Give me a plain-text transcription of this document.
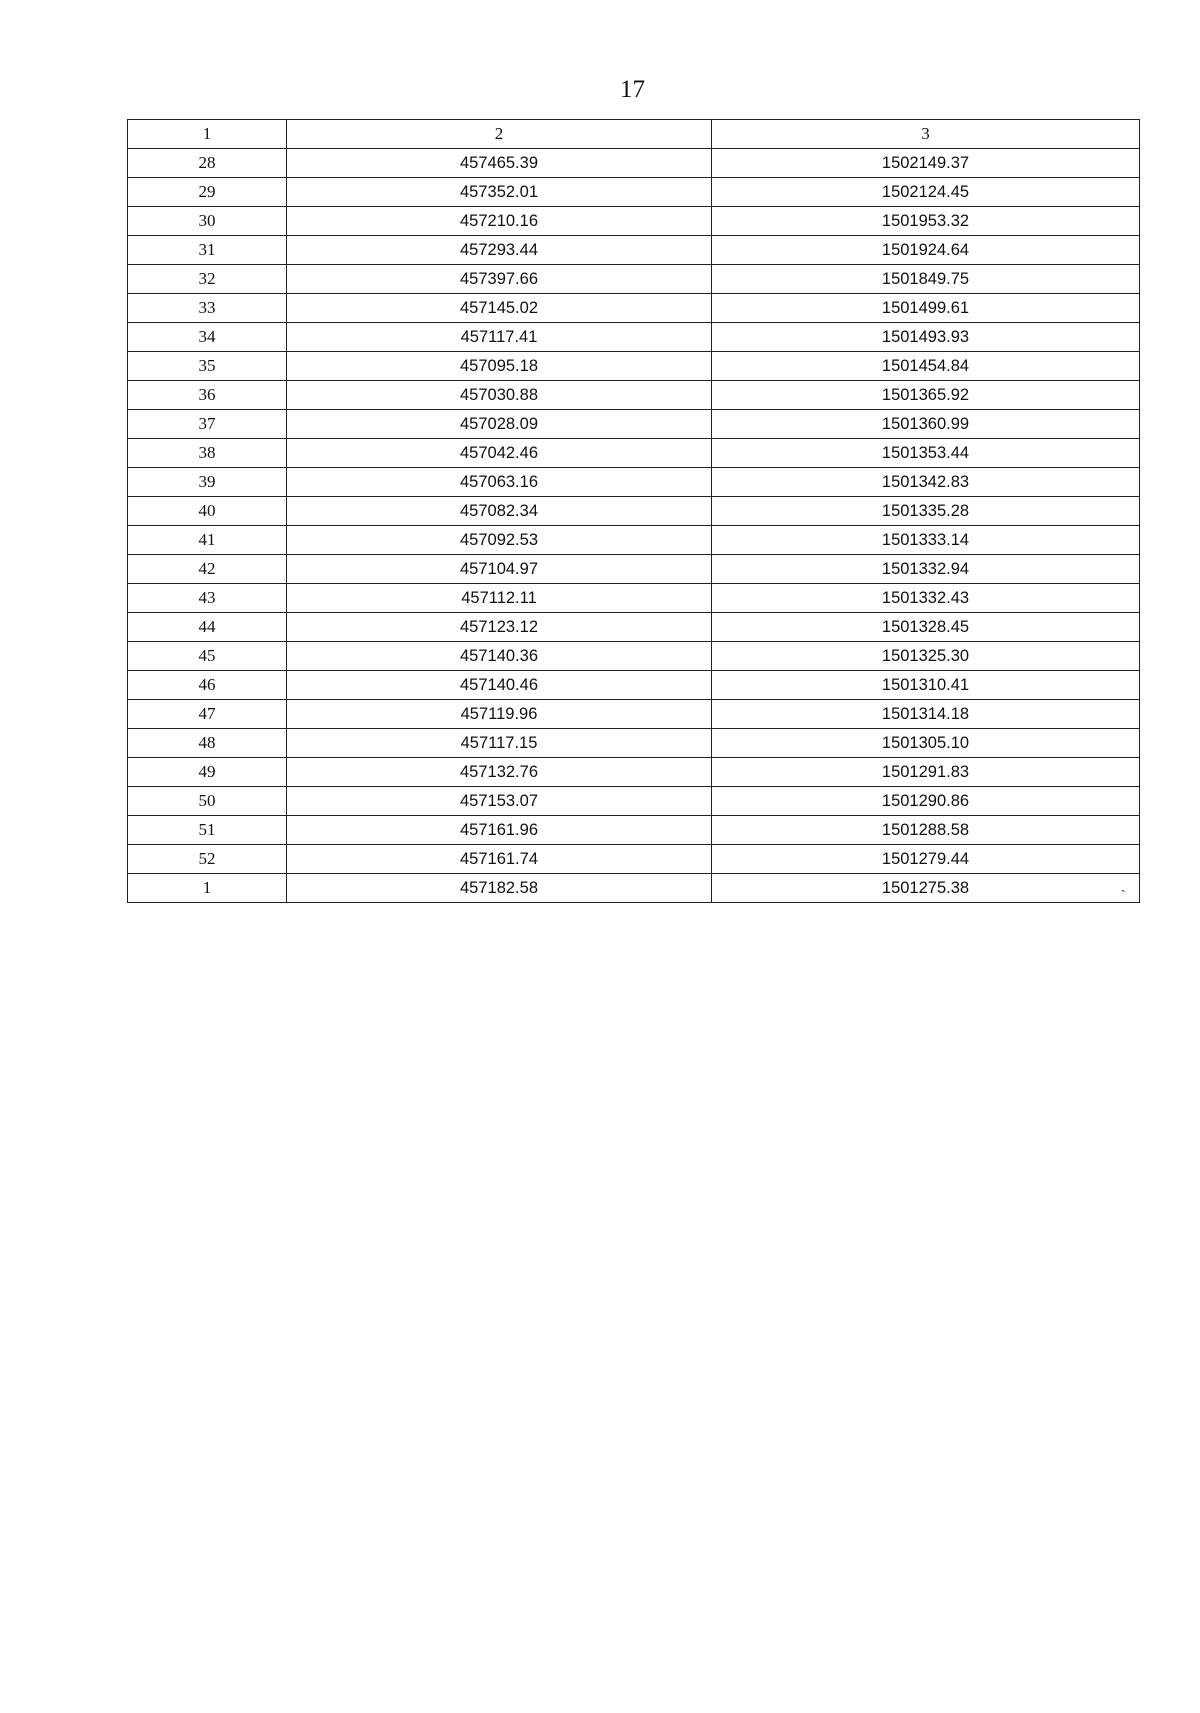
17
1	2	3
28	457465.39	1502149.37
29	457352.01	1502124.45
30	457210.16	1501953.32
31	457293.44	1501924.64
32	457397.66	1501849.75
33	457145.02	1501499.61
34	457117.41	1501493.93
35	457095.18	1501454.84
36	457030.88	1501365.92
37	457028.09	1501360.99
38	457042.46	1501353.44
39	457063.16	1501342.83
40	457082.34	1501335.28
41	457092.53	1501333.14
42	457104.97	1501332.94
43	457112.11	1501332.43
44	457123.12	1501328.45
45	457140.36	1501325.30
46	457140.46	1501310.41
47	457119.96	1501314.18
48	457117.15	1501305.10
49	457132.76	1501291.83
50	457153.07	1501290.86
51	457161.96	1501288.58
52	457161.74	1501279.44
1	457182.58	1501275.38	`
